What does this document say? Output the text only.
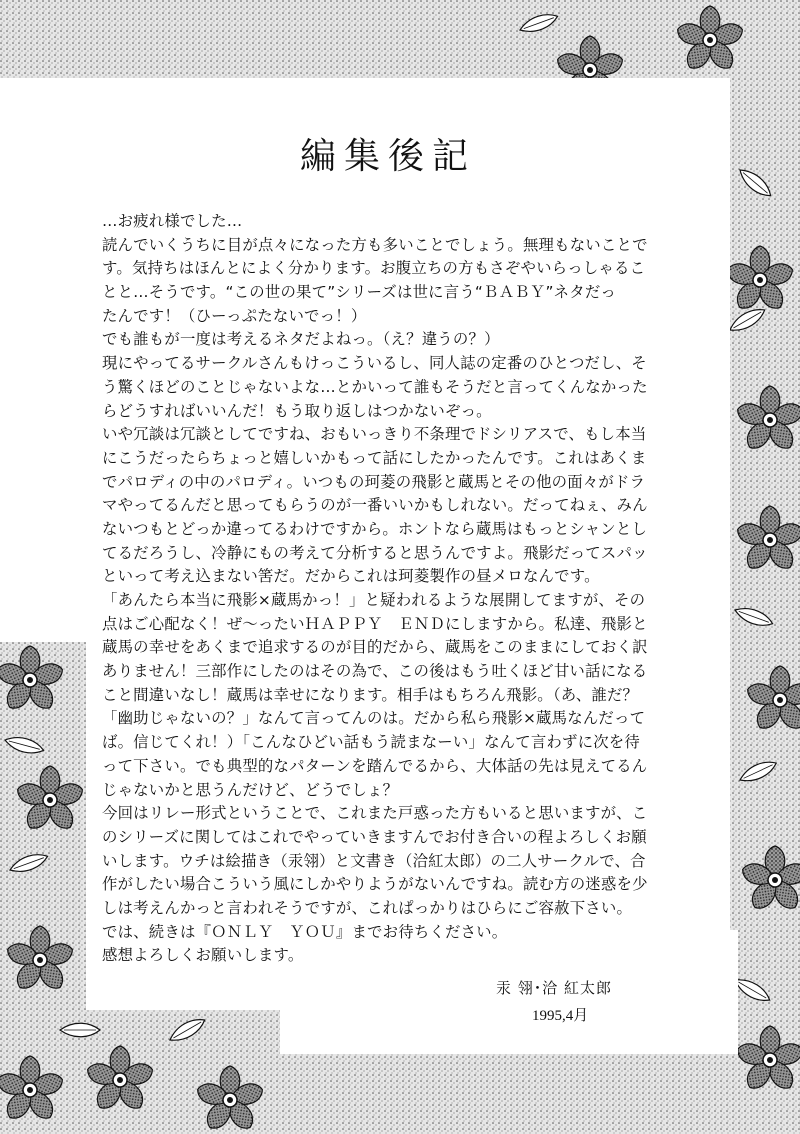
編集後記
…お疲れ様でした…
読んでいくうちに目が点々になった方も多いことでしょう。無理もないことで
す。気持ちはほんとによく分かります。お腹立ちの方もさぞやいらっしゃるこ
とと…そうです。“この世の果て”シリーズは世に言う“ＢＡＢＹ”ネタだっ
たんです！（ひーっぷたないでっ！）
でも誰もが一度は考えるネタだよねっ。（え？違うの？）
現にやってるサークルさんもけっこういるし、同人誌の定番のひとつだし、そ
う驚くほどのことじゃないよな…とかいって誰もそうだと言ってくんなかった
らどうすればいいんだ！もう取り返しはつかないぞっ。
いや冗談は冗談としてですね、おもいっきり不条理でドシリアスで、もし本当
にこうだったらちょっと嬉しいかもって話にしたかったんです。これはあくま
でパロディの中のパロディ。いつもの珂菱の飛影と蔵馬とその他の面々がドラ
マやってるんだと思ってもらうのが一番いいかもしれない。だってねぇ、みん
ないつもとどっか違ってるわけですから。ホントなら蔵馬はもっとシャンとし
てるだろうし、冷静にもの考えて分析すると思うんですよ。飛影だってスパッ
といって考え込まない筈だ。だからこれは珂菱製作の昼メロなんです。
「あんたら本当に飛影×蔵馬かっ！」と疑われるような展開してますが、その
点はご心配なく！ぜ〜ったいＨＡＰＰＹ　ＥＮＤにしますから。私達、飛影と
蔵馬の幸せをあくまで追求するのが目的だから、蔵馬をこのままにしておく訳
ありません！三部作にしたのはその為で、この後はもう吐くほど甘い話になる
こと間違いなし！蔵馬は幸せになります。相手はもちろん飛影。（あ、誰だ？
「幽助じゃないの？」なんて言ってんのは。だから私ら飛影×蔵馬なんだって
ば。信じてくれ！）「こんなひどい話もう読まなーい」なんて言わずに次を待
って下さい。でも典型的なパターンを踏んでるから、大体話の先は見えてるん
じゃないかと思うんだけど、どうでしょ？
今回はリレー形式ということで、これまた戸惑った方もいると思いますが、こ
のシリーズに関してはこれでやっていきますんでお付き合いの程よろしくお願
いします。ウチは絵描き（汞翎）と文書き（洽紅太郎）の二人サークルで、合
作がしたい場合こういう風にしかやりようがないんですね。読む方の迷惑を少
しは考えんかっと言われそうですが、これぱっかりはひらにご容赦下さい。
では、続きは『ＯＮＬＹ　ＹＯＵ』までお待ちください。
感想よろしくお願いします。
汞 翎･洽 紅太郎
1995,4月
